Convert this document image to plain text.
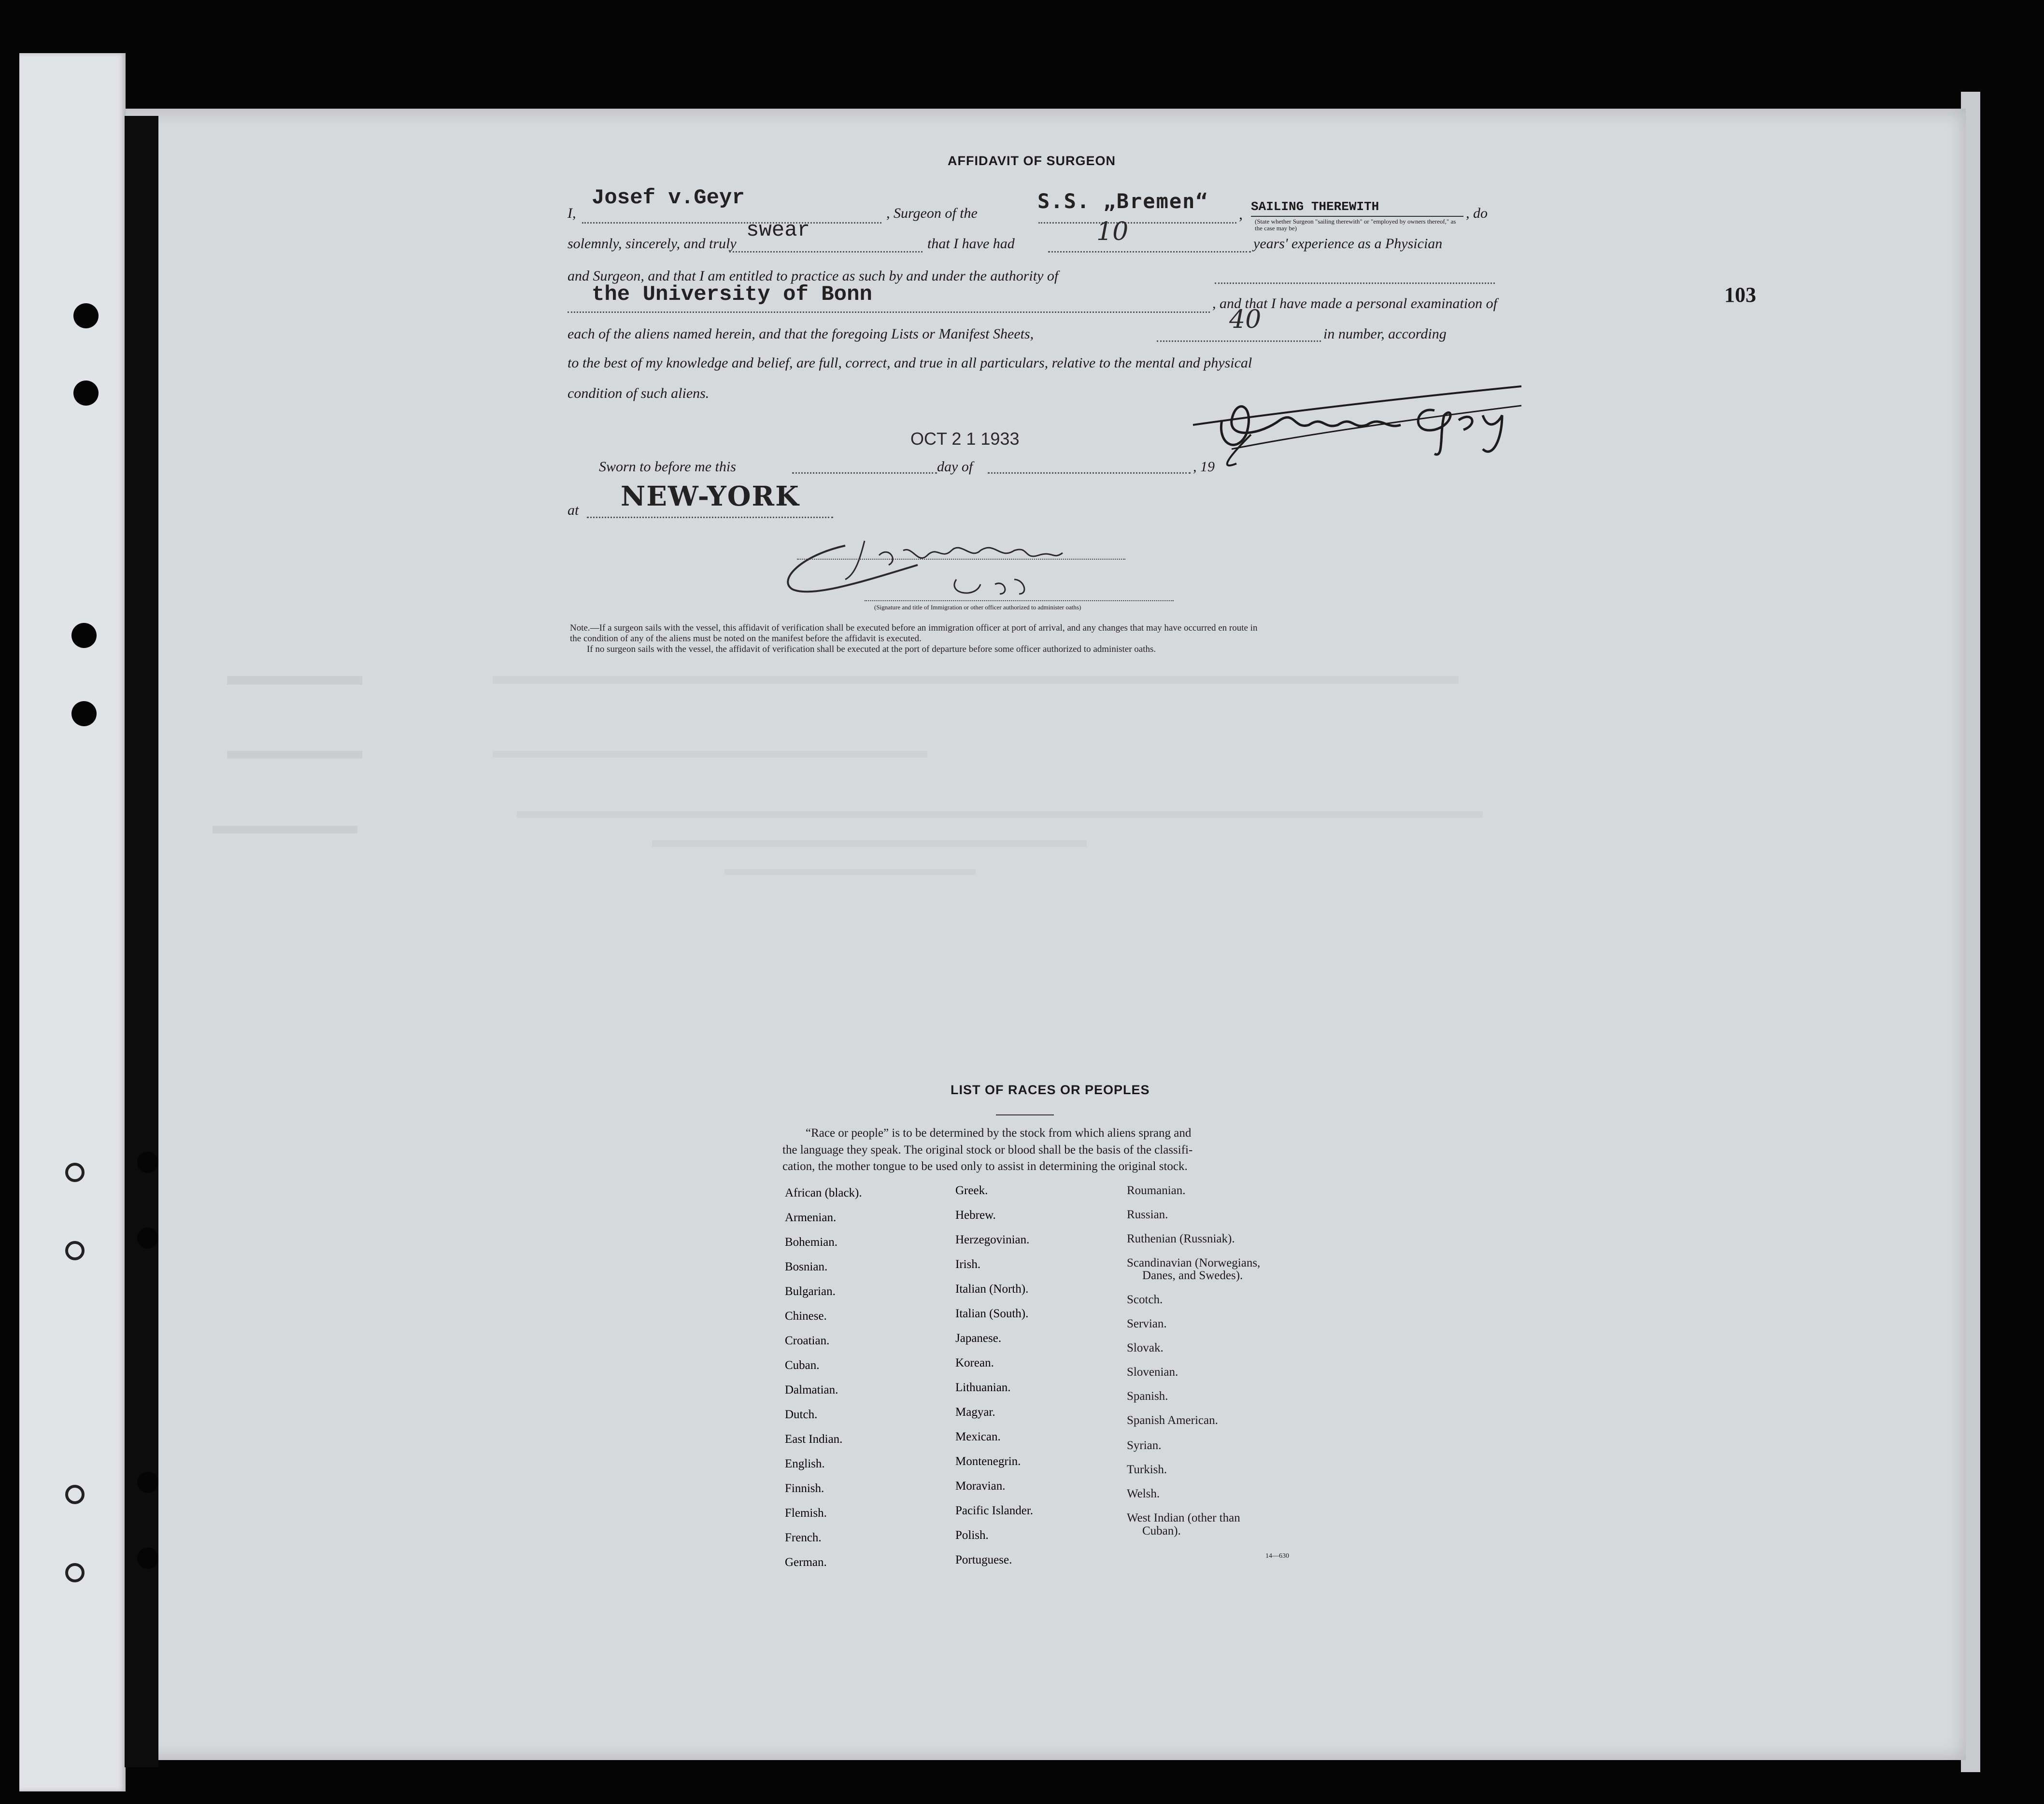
103
AFFIDAVIT OF SURGEON
I,
Josef v.Geyr
, Surgeon of the
S.S. „Bremen“
, SAILING THEREWITH
(State whether Surgeon "sailing therewith" or "employed by owners thereof," as the case may be)
, do
solemnly, sincerely, and truly
swear
that I have had	10	years' experience as a Physician
and Surgeon, and that I am entitled to practice as such by and under the authority of
the University of Bonn	, and that I have made a personal examination of
each of the aliens named herein, and that the foregoing Lists or Manifest Sheets,	40	in number, according
to the best of my knowledge and belief, are full, correct, and true in all particulars, relative to the mental and physical
condition of such aliens.
OCT 2 1 1933
Sworn to before me this	day of	, 19
at NEW-YORK
(Signature and title of Immigration or other officer authorized to administer oaths)
Note.—If a surgeon sails with the vessel, this affidavit of verification shall be executed before an immigration officer at port of arrival, and any changes that may have occurred en route in
the condition of any of the aliens must be noted on the manifest before the affidavit is executed.
If no surgeon sails with the vessel, the affidavit of verification shall be executed at the port of departure before some officer authorized to administer oaths.
LIST OF RACES OR PEOPLES
“Race or people” is to be determined by the stock from which aliens sprang and
the language they speak. The original stock or blood shall be the basis of the classifi-
cation, the mother tongue to be used only to assist in determining the original stock.
African (black).
Armenian.
Bohemian.
Bosnian.
Bulgarian.
Chinese.
Croatian.
Cuban.
Dalmatian.
Dutch.
East Indian.
English.
Finnish.
Flemish.
French.
German.
Greek.
Hebrew.
Herzegovinian.
Irish.
Italian (North).
Italian (South).
Japanese.
Korean.
Lithuanian.
Magyar.
Mexican.
Montenegrin.
Moravian.
Pacific Islander.
Polish.
Portuguese.
Roumanian.
Russian.
Ruthenian (Russniak).
Scandinavian (Norwegians,
Danes, and Swedes).
Scotch.
Servian.
Slovak.
Slovenian.
Spanish.
Spanish American.
Syrian.
Turkish.
Welsh.
West Indian (other than
Cuban).
14—630
